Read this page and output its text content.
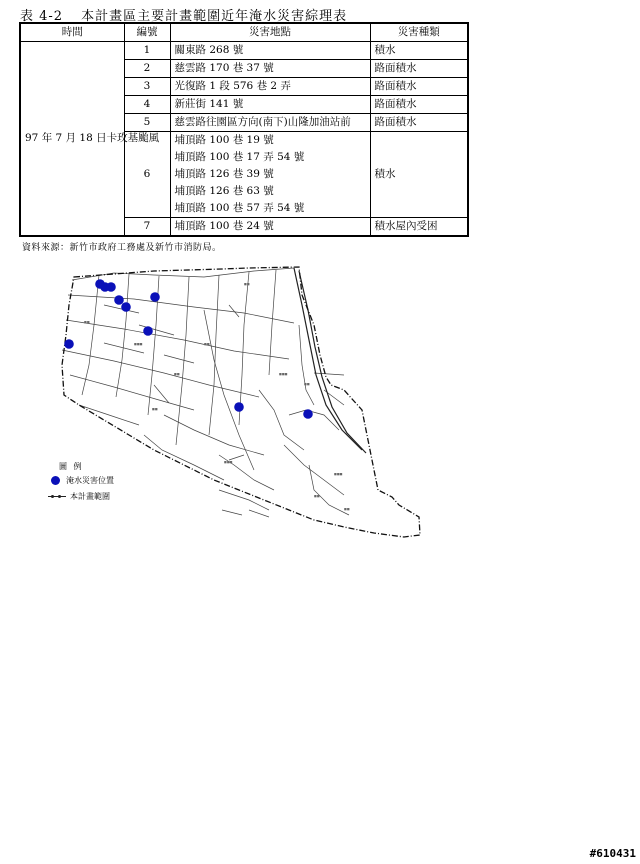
表 4-2 本計畫區主要計畫範圍近年淹水災害綜理表
時間	編號	災害地點	災害種類
97 年 7 月 18 日卡玫基颱風	1	關東路 268 號	積水
	2	慈雲路 170 巷 37 號	路面積水
	3	光復路 1 段 576 巷 2 弄	路面積水
	4	新莊街 141 號	路面積水
	5	慈雲路往園區方向(南下)山隆加油站前	路面積水
	6	埔頂路 100 巷 19 號
埔頂路 100 巷 17 弄 54 號
埔頂路 126 巷 39 號
埔頂路 126 巷 63 號
埔頂路 100 巷 57 弄 54 號	積水
	7	埔頂路 100 巷 24 號	積水屋內受困
資料來源：新竹市政府工務處及新竹市消防局。
■■
■■■
■■
■■
■■
■■
■■
■■■
■■
■■■
■■
■■■
圖 例
淹水災害位置
本計畫範圍
#610431
